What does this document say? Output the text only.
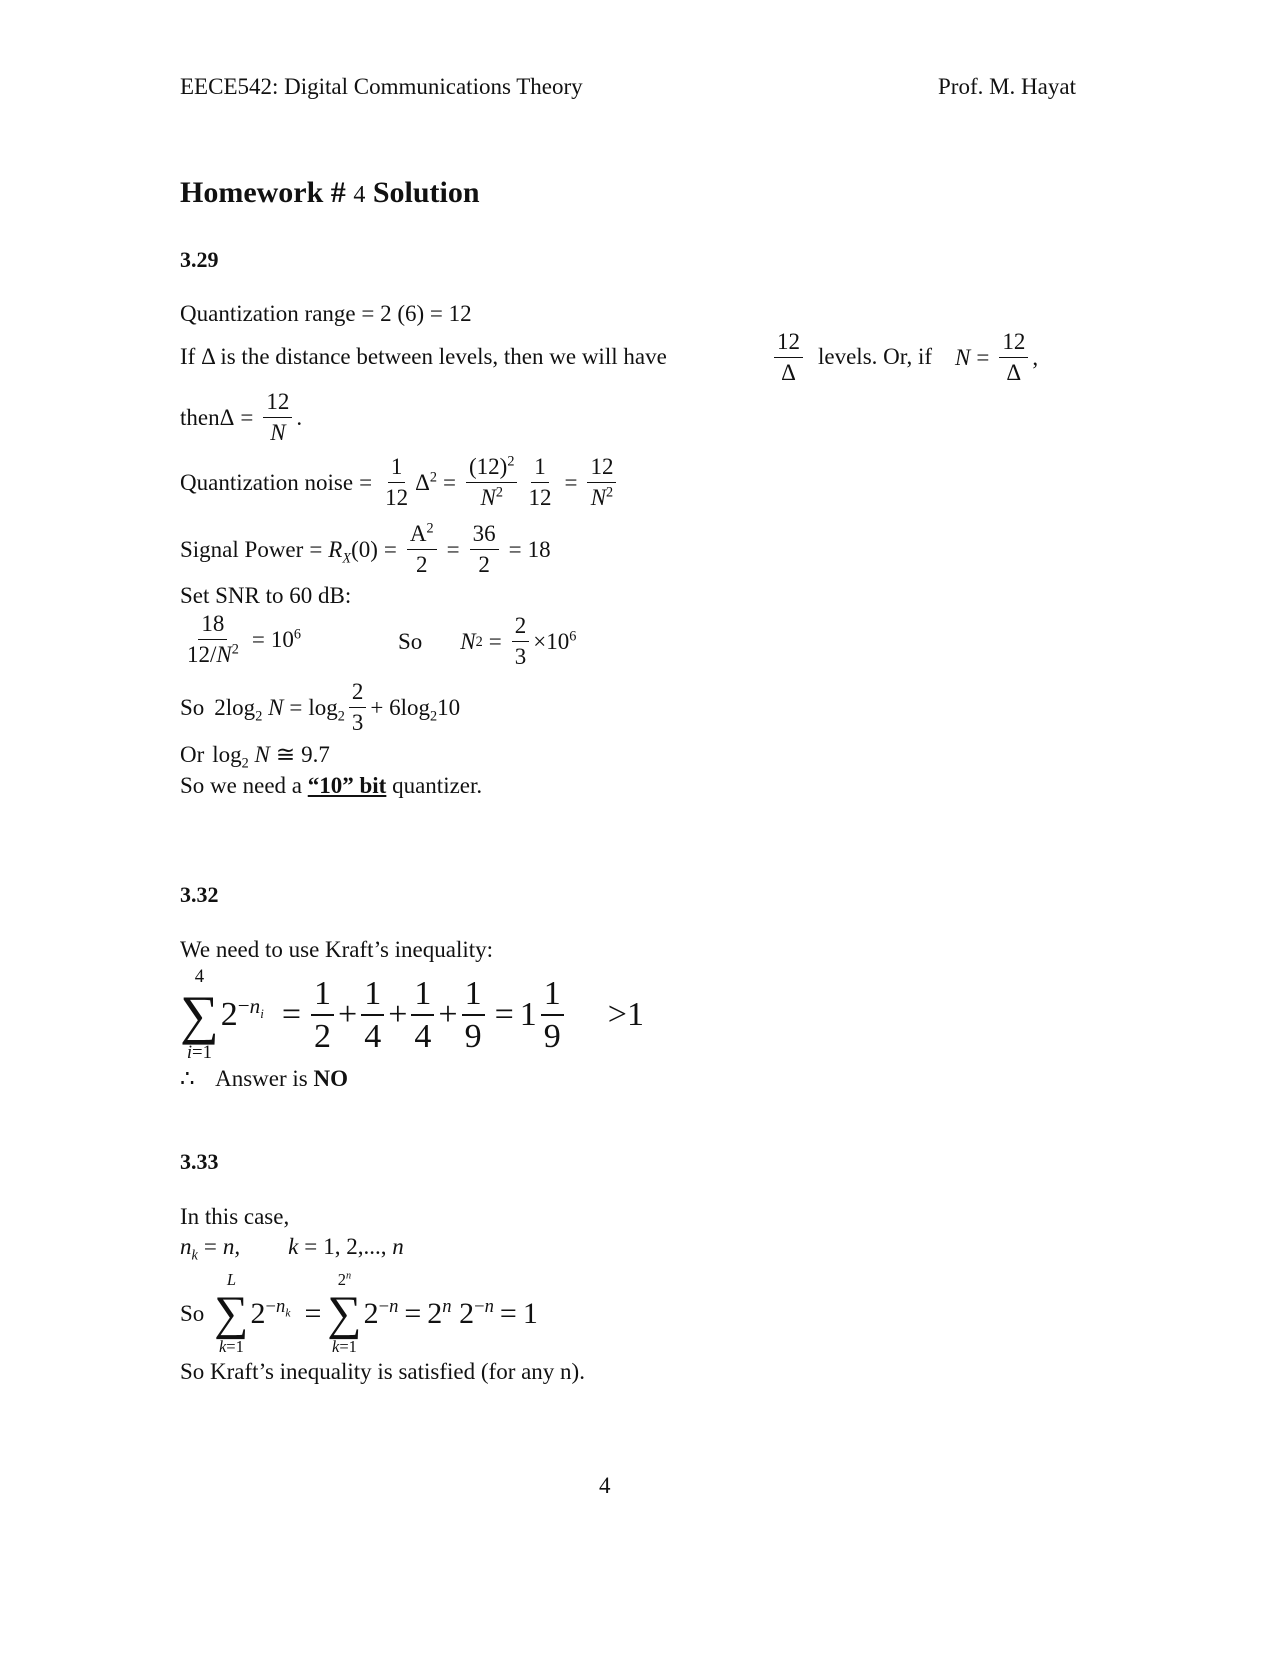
EECE542: Digital Communications Theory	Prof. M. Hayat
Homework # 4 Solution
3.29
Quantization range = 2 (6) = 12
If Δ is the distance between levels, then we will have	$\frac{12}{\Delta}$ levels. Or, if $N = \frac{12}{\Delta}$ ,
then $\Delta = \frac{12}{N}$ .
Quantization noise = $\frac{1}{12} \Delta^2 = \frac{(12)^2}{N^2} \frac{1}{12} = \frac{12}{N^2}$
Signal Power = $R_X(0) = \frac{A^2}{2} = \frac{36}{2} = 18$
Set SNR to 60 dB:
$\frac{18}{12/N^2} = 10^6$	So N $2 = \frac{2}{3} \times 10^6$
So $2\log_2$ $N = \log_2 \frac{2}{3} + 6\log_210$
Or $\log_2 N$ ≅ 9.7
So we need a “10” bit quantizer.
3.32
We need to use Kraft’s inequality:
4
∑
i=1
$2^{-n_i} = \frac{1}{2} + \frac{1}{4} + \frac{1}{4} + \frac{1}{9} = 1 \frac{1}{9} >1$
∴ Answer is NO
3.33
In this case,
$n_k = n$, k = 1, 2,..., n
So
L
∑
k=1
$2^{-n_k}$ =
$2^n$
∑
k=1
$2^{-n} = 2^n$ $2^{-n} = 1$
So Kraft’s inequality is satisfied (for any n).
4
